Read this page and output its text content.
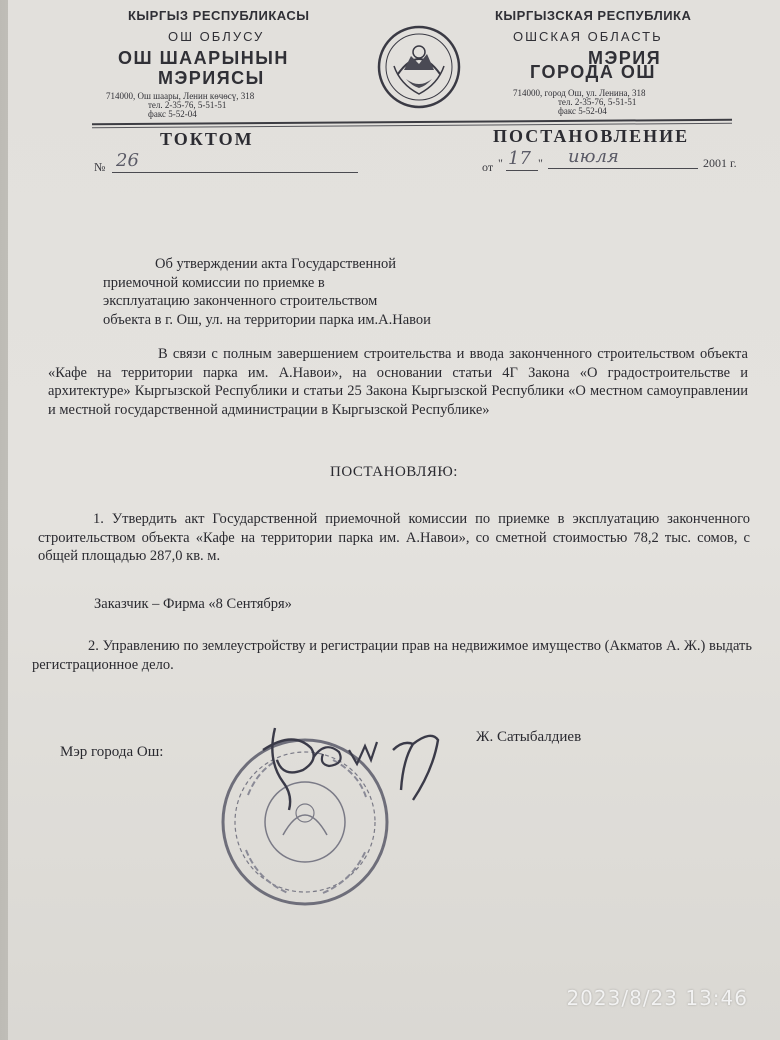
КЫРГЫЗ РЕСПУБЛИКАСЫ
ОШ ОБЛУСУ
ОШ ШААРЫНЫН
МЭРИЯСЫ
714000, Ош шаары, Ленин көчөсү, 318
тел. 2-35-76, 5-51-51
факс 5-52-04
КЫРГЫЗСКАЯ РЕСПУБЛИКА
ОШСКАЯ ОБЛАСТЬ
МЭРИЯ
ГОРОДА ОШ
714000, город Ош, ул. Ленина, 318
тел. 2-35-76, 5-51-51
факс 5-52-04
ТОКТОМ	ПОСТАНОВЛЕНИЕ
№ 26	от " 17 " июля	2001 г.
Об утверждении акта Государственной
приемочной комиссии по приемке в
эксплуатацию законченного строительством
объекта в г. Ош, ул. на территории парка им.А.Навои
В связи с полным завершением строительства и ввода законченного строительством объекта «Кафе на территории парка им. А.Навои», на основании статьи 4Г Закона «О градостроительстве и архитектуре» Кыргызской Республики и статьи 25 Закона Кыргызской Республики «О местном самоуправлении и местной государственной администрации в Кыргызской Республике»
ПОСТАНОВЛЯЮ:
1. Утвердить акт Государственной приемочной комиссии по приемке в эксплуатацию законченного строительством объекта «Кафе на территории парка им. А.Навои», со сметной стоимостью 78,2 тыс. сомов, с общей площадью 287,0 кв. м.
Заказчик – Фирма «8 Сентября»
2. Управлению по землеустройству и регистрации прав на недвижимое имущество (Акматов А. Ж.) выдать регистрационное дело.
Мэр города Ош:
Ж. Сатыбалдиев
2023/8/23 13:46
